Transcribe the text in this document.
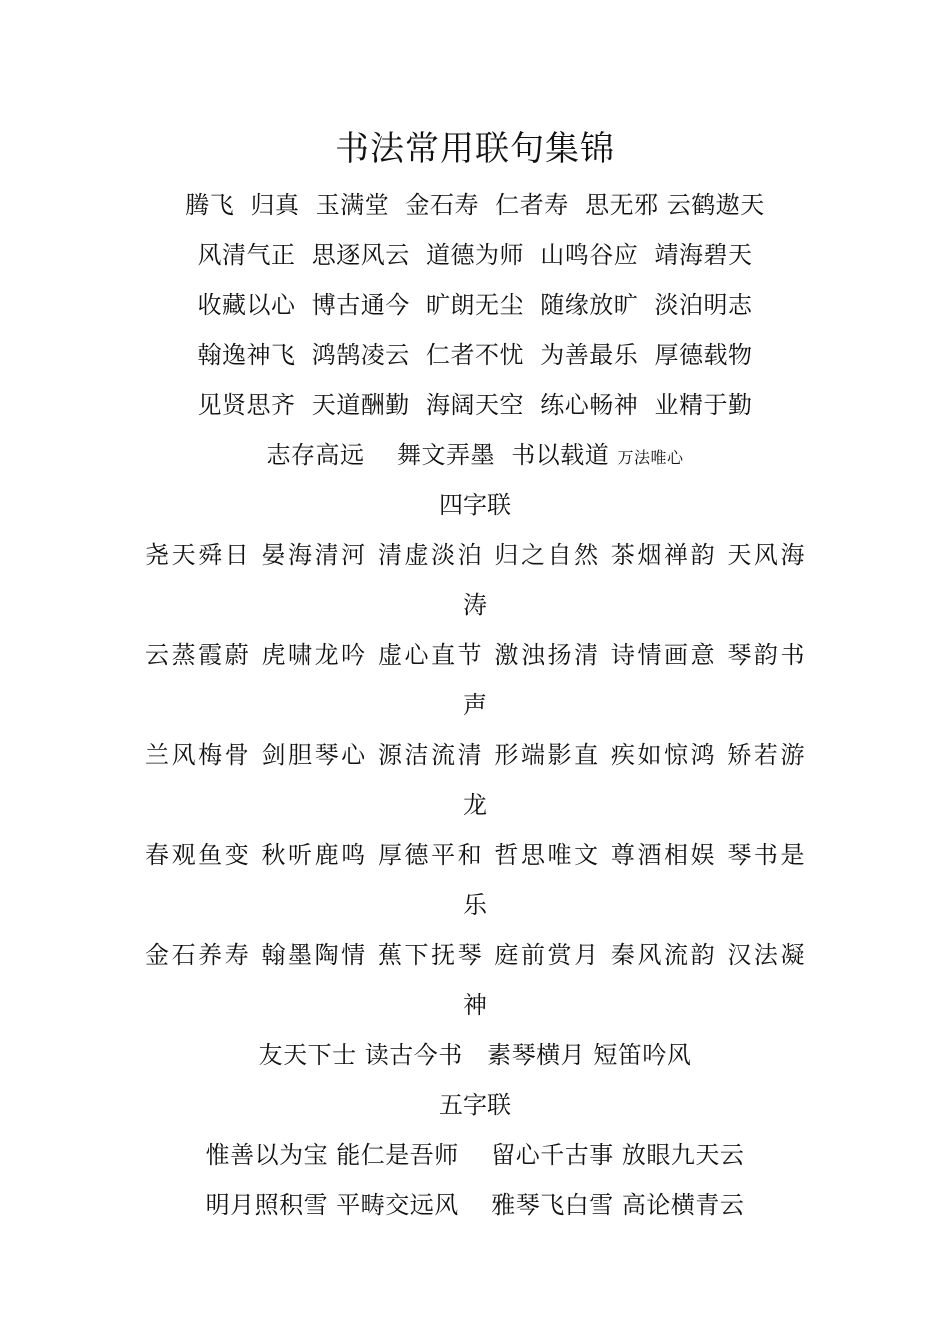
书法常用联句集锦
腾飞  归真  玉满堂  金石寿  仁者寿  思无邪 云鹤遨天
风清气正  思逐风云  道德为师  山鸣谷应  靖海碧天
收藏以心  博古通今  旷朗无尘  随缘放旷  淡泊明志
翰逸神飞  鸿鹄凌云  仁者不忧  为善最乐  厚德载物
见贤思齐  天道酬勤  海阔天空  练心畅神  业精于勤
志存高远    舞文弄墨  书以载道 万法唯心
四字联
尧天舜日 晏海清河 清虚淡泊 归之自然 茶烟禅韵 天风海
涛
云蒸霞蔚 虎啸龙吟 虚心直节 激浊扬清 诗情画意 琴韵书
声
兰风梅骨 剑胆琴心 源洁流清 形端影直 疾如惊鸿 矫若游
龙
春观鱼变 秋听鹿鸣 厚德平和 哲思唯文 尊酒相娱 琴书是
乐
金石养寿 翰墨陶情 蕉下抚琴 庭前赏月 秦风流韵 汉法凝
神
友天下士 读古今书   素琴横月 短笛吟风
五字联
惟善以为宝 能仁是吾师    留心千古事 放眼九天云
明月照积雪 平畴交远风    雅琴飞白雪 高论横青云
